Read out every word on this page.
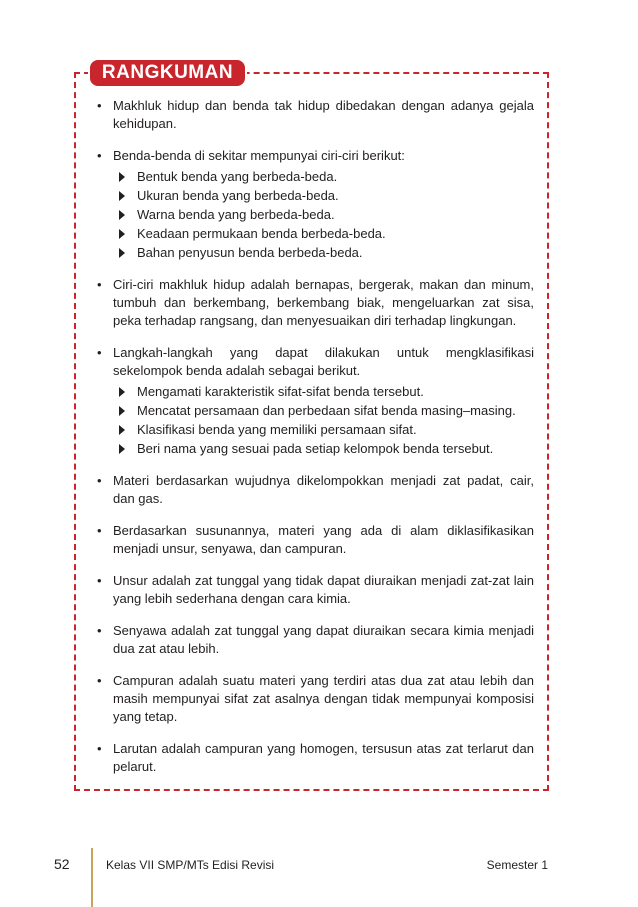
RANGKUMAN
• Makhluk hidup dan benda tak hidup dibedakan dengan adanya gejala kehidupan.
• Benda-benda di sekitar mempunyai ciri-ciri berikut:
Bentuk benda yang berbeda-beda.
Ukuran benda yang berbeda-beda.
Warna benda yang berbeda-beda.
Keadaan permukaan benda berbeda-beda.
Bahan penyusun benda berbeda-beda.
• Ciri-ciri makhluk hidup adalah bernapas, bergerak, makan dan minum, tumbuh dan berkembang, berkembang biak, mengeluarkan zat sisa, peka terhadap rangsang, dan menyesuaikan diri terhadap lingkungan.
• Langkah-langkah yang dapat dilakukan untuk mengklasifikasi sekelompok benda adalah sebagai berikut.
Mengamati karakteristik sifat-sifat benda tersebut.
Mencatat persamaan dan perbedaan sifat benda masing–masing.
Klasifikasi benda yang memiliki persamaan sifat.
Beri nama yang sesuai pada setiap kelompok benda tersebut.
• Materi berdasarkan wujudnya dikelompokkan menjadi zat padat, cair, dan gas.
• Berdasarkan susunannya, materi yang ada di alam diklasifikasikan menjadi unsur, senyawa, dan campuran.
• Unsur adalah zat tunggal yang tidak dapat diuraikan menjadi zat-zat lain yang lebih sederhana dengan cara kimia.
• Senyawa adalah zat tunggal yang dapat diuraikan secara kimia menjadi dua zat atau lebih.
• Campuran adalah suatu materi yang terdiri atas dua zat atau lebih dan masih mempunyai sifat zat asalnya dengan tidak mempunyai komposisi yang tetap.
• Larutan adalah campuran yang homogen, tersusun atas zat terlarut dan pelarut.
52	Kelas VII SMP/MTs Edisi Revisi	Semester 1
